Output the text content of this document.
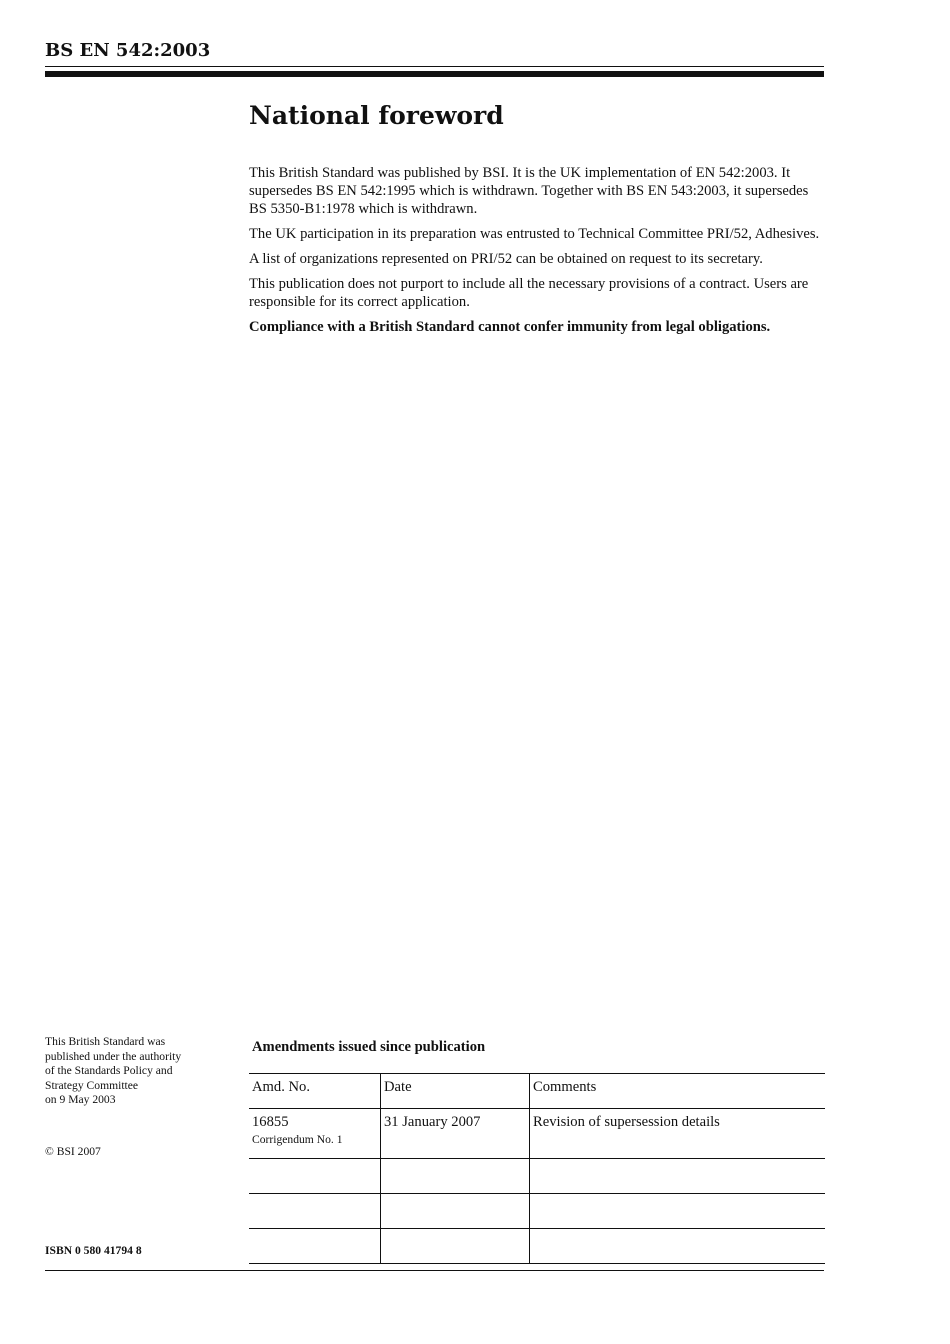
BS EN 542:2003
National foreword

This British Standard was published by BSI. It is the UK implementation of EN 542:2003. It supersedes BS EN 542:1995 which is withdrawn. Together with BS EN 543:2003, it supersedes BS 5350-B1:1978 which is withdrawn.

The UK participation in its preparation was entrusted to Technical Committee PRI/52, Adhesives.

A list of organizations represented on PRI/52 can be obtained on request to its secretary.

This publication does not purport to include all the necessary provisions of a contract. Users are responsible for its correct application.

Compliance with a British Standard cannot confer immunity from legal obligations.

This British Standard was
published under the authority
of the Standards Policy and
Strategy Committee
on 9 May 2003
© BSI 2007
ISBN 0 580 41794 8
Amendments issued since publication
Amd. No.	Date	Comments
16855
Corrigendum No. 1	31 January 2007	Revision of supersession details
